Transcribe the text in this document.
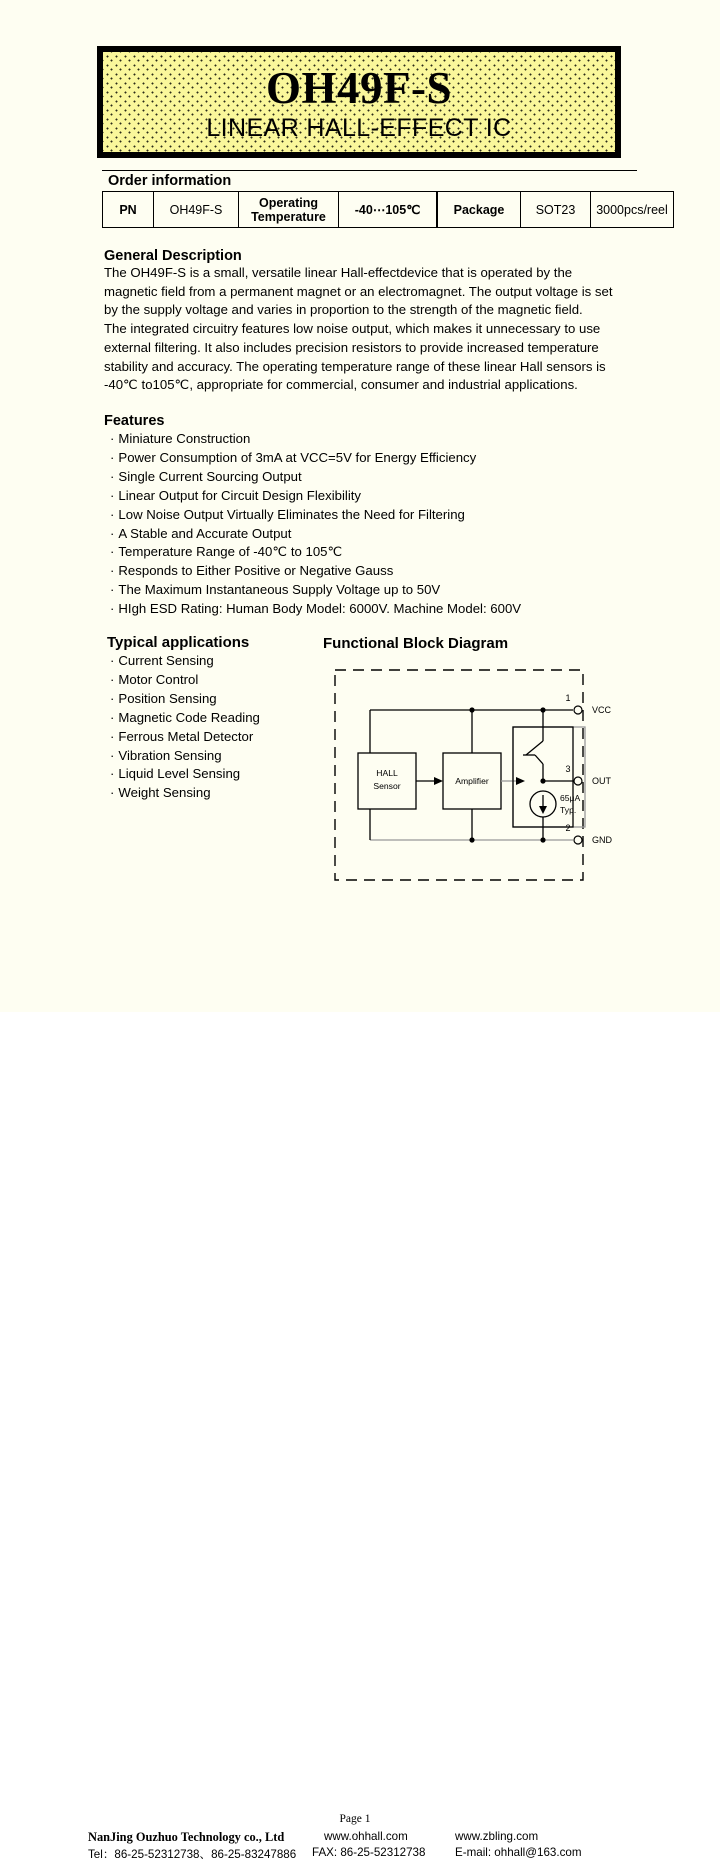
OH49F-S
LINEAR HALL-EFFECT IC
Order information
PN	OH49F-S	Operating
Temperature	-40⋯105℃	Package	SOT23	3000pcs/reel
General Description

The OH49F-S is a small, versatile linear Hall-effectdevice that is operated by the magnetic field from a permanent magnet or an electromagnet. The output voltage is set by the supply voltage and varies in proportion to the strength of the magnetic field.

The integrated circuitry features low noise output, which makes it unnecessary to use external filtering. It also includes precision resistors to provide increased temperature stability and accuracy. The operating temperature range of these linear Hall sensors is -40℃ to105℃, appropriate for commercial, consumer and industrial applications.

Features
· Miniature Construction
· Power Consumption of 3mA at VCC=5V for Energy Efficiency
· Single Current Sourcing Output
· Linear Output for Circuit Design Flexibility
· Low Noise Output Virtually Eliminates the Need for Filtering
· A Stable and Accurate Output
· Temperature Range of -40℃ to 105℃
· Responds to Either Positive or Negative Gauss
· The Maximum Instantaneous Supply Voltage up to 50V
· HIgh ESD Rating: Human Body Model: 6000V. Machine Model: 600V
Typical applications
· Current Sensing
· Motor Control
· Position Sensing
· Magnetic Code Reading
· Ferrous Metal Detector
· Vibration Sensing
· Liquid Level Sensing
· Weight Sensing
Functional Block Diagram
HALL
Sensor	Amplifier
65μA
Typ.
1
VCC
3
OUT
2
GND
Page 1
NanJing Ouzhuo Technology co., Ltd
Tel：86-25-52312738、86-25-83247886
www.ohhall.com
FAX: 86-25-52312738
www.zbling.com
E-mail: ohhall@163.com
